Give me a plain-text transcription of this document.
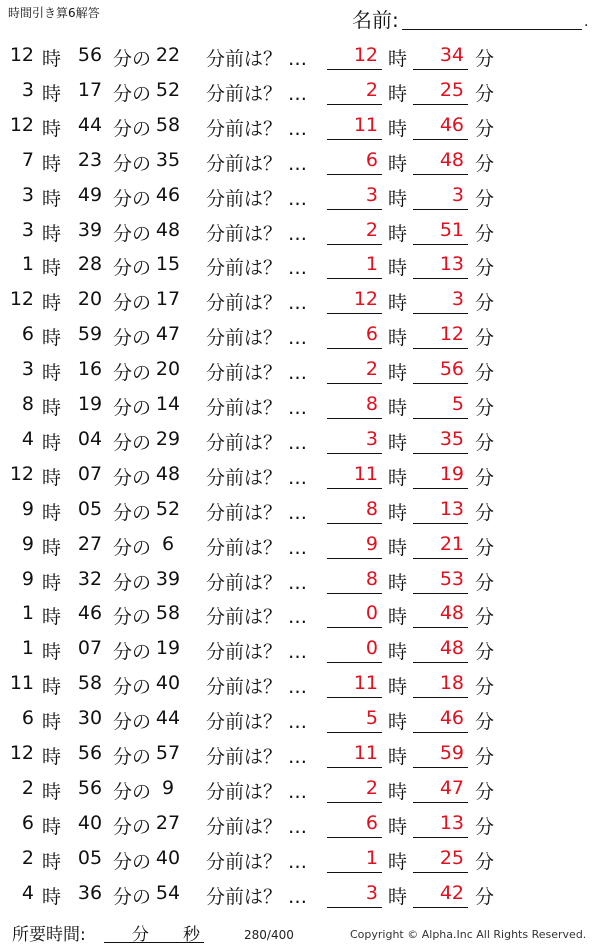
時間引き算6解答	名前:	.
12 時 56 分の 22	分前は？ … 12 時 34 分
3 時 17 分の 52	分前は？ …	2 時 25 分
12 時 44 分の 58	分前は？ … 11 時 46 分
7 時 23 分の 35	分前は？ …	6 時 48 分
3 時 49 分の 46	分前は？ …	3 時 3 分
3 時 39 分の 48	分前は？ …	2 時 51 分
1 時 28 分の 15	分前は？ …	1 時 13 分
12 時 20 分の 17	分前は？ … 12 時 3 分
6 時 59 分の 47	分前は？ …	6 時 12 分
3 時 16 分の 20	分前は？ …	2 時 56 分
8 時 19 分の 14	分前は？ …	8 時 5 分
4 時 04 分の 29	分前は？ …	3 時 35 分
12 時 07 分の 48	分前は？ … 11 時 19 分
9 時 05 分の 52	分前は？ …	8 時 13 分
9 時 27 分の 6	分前は？ …	9 時 21 分
9 時 32 分の 39	分前は？ …	8 時 53 分
1 時 46 分の 58	分前は？ …	0 時 48 分
1 時 07 分の 19	分前は？ …	0 時 48 分
11 時 58 分の 40	分前は？ … 11 時 18 分
6 時 30 分の 44	分前は？ …	5 時 46 分
12 時 56 分の 57	分前は？ … 11 時 59 分
2 時 56 分の 9	分前は？ …	2 時 47 分
6 時 40 分の 27	分前は？ …	6 時 13 分
2 時 05 分の 40	分前は？ …	1 時 25 分
4 時 36 分の 54	分前は？ …	3 時 42 分
所要時間:	分 秒	280/400	Copyright © Alpha.Inc All Rights Reserved.
